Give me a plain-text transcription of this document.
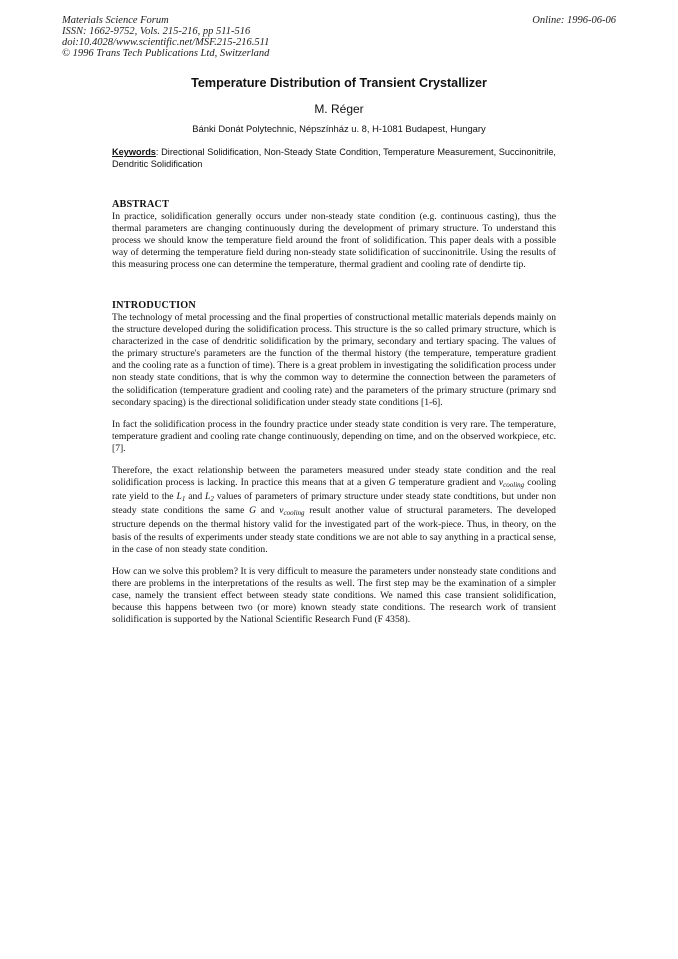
Materials Science Forum
ISSN: 1662-9752, Vols. 215-216, pp 511-516
doi:10.4028/www.scientific.net/MSF.215-216.511
© 1996 Trans Tech Publications Ltd, Switzerland
Online: 1996-06-06
Temperature Distribution of Transient Crystallizer
M. Réger
Bánki Donát Polytechnic, Népszínház u. 8, H-1081 Budapest, Hungary
Keywords: Directional Solidification, Non-Steady State Condition, Temperature Measurement, Succinonitrile, Dendritic Solidification
ABSTRACT

In practice, solidification generally occurs under non-steady state condition (e.g. continuous casting), thus the thermal parameters are changing continuously during the development of primary structure. To understand this process we should know the temperature field around the front of solidification. This paper deals with a possible way of determing the temperature field during non-steady state solidification of succinonitrile. Using the results of this measuring process one can determine the temperature, thermal gradient and cooling rate of dendirte tip.

INTRODUCTION

The technology of metal processing and the final properties of constructional metallic materials depends mainly on the structure developed during the solidification process. This structure is the so called primary structure, which is characterized in the case of dendritic solidification by the primary, secondary and tertiary spacing. The values of the primary structure's parameters are the function of the thermal history (the temperature, temperature gradient and the cooling rate as a function of time). There is a great problem in investigating the solidification process under non steady state conditions, that is why the common way to determine the connection between the parameters of the solidification (temperature gradient and cooling rate) and the parameters of the primary structure (primary snd secondary spacing) is the directional solidification under steady state conditions [1-6].

In fact the solidification process in the foundry practice under steady state condition is very rare. The temperature, temperature gradient and cooling rate change continuously, depending on time, and on the observed workpiece, etc. [7].

Therefore, the exact relationship between the parameters measured under steady state condition and the real solidification process is lacking. In practice this means that at a given G temperature gradient and $v_{cooling}$ cooling rate yield to the $L_1$ and $L_2$ values of parameters of primary structure under steady state condtitions, but under non steady state conditions the same G and $v_{cooling}$ result another value of structural parameters. The developed structure depends on the thermal history valid for the investigated part of the work-piece. Thus, in theory, on the basis of the results of experiments under steady state conditions we are not able to say anything in a practical sense, in the case of non steady state condition.

How can we solve this problem? It is very difficult to measure the parameters under nonsteady state conditions and there are problems in the interpretations of the results as well. The first step may be the examination of a simpler case, namely the transient effect between steady state conditions. We named this case transient solidification, because this happens between two (or more) known steady state conditions. The research work of transient solidification is supported by the National Scientific Research Fund (F 4358).
